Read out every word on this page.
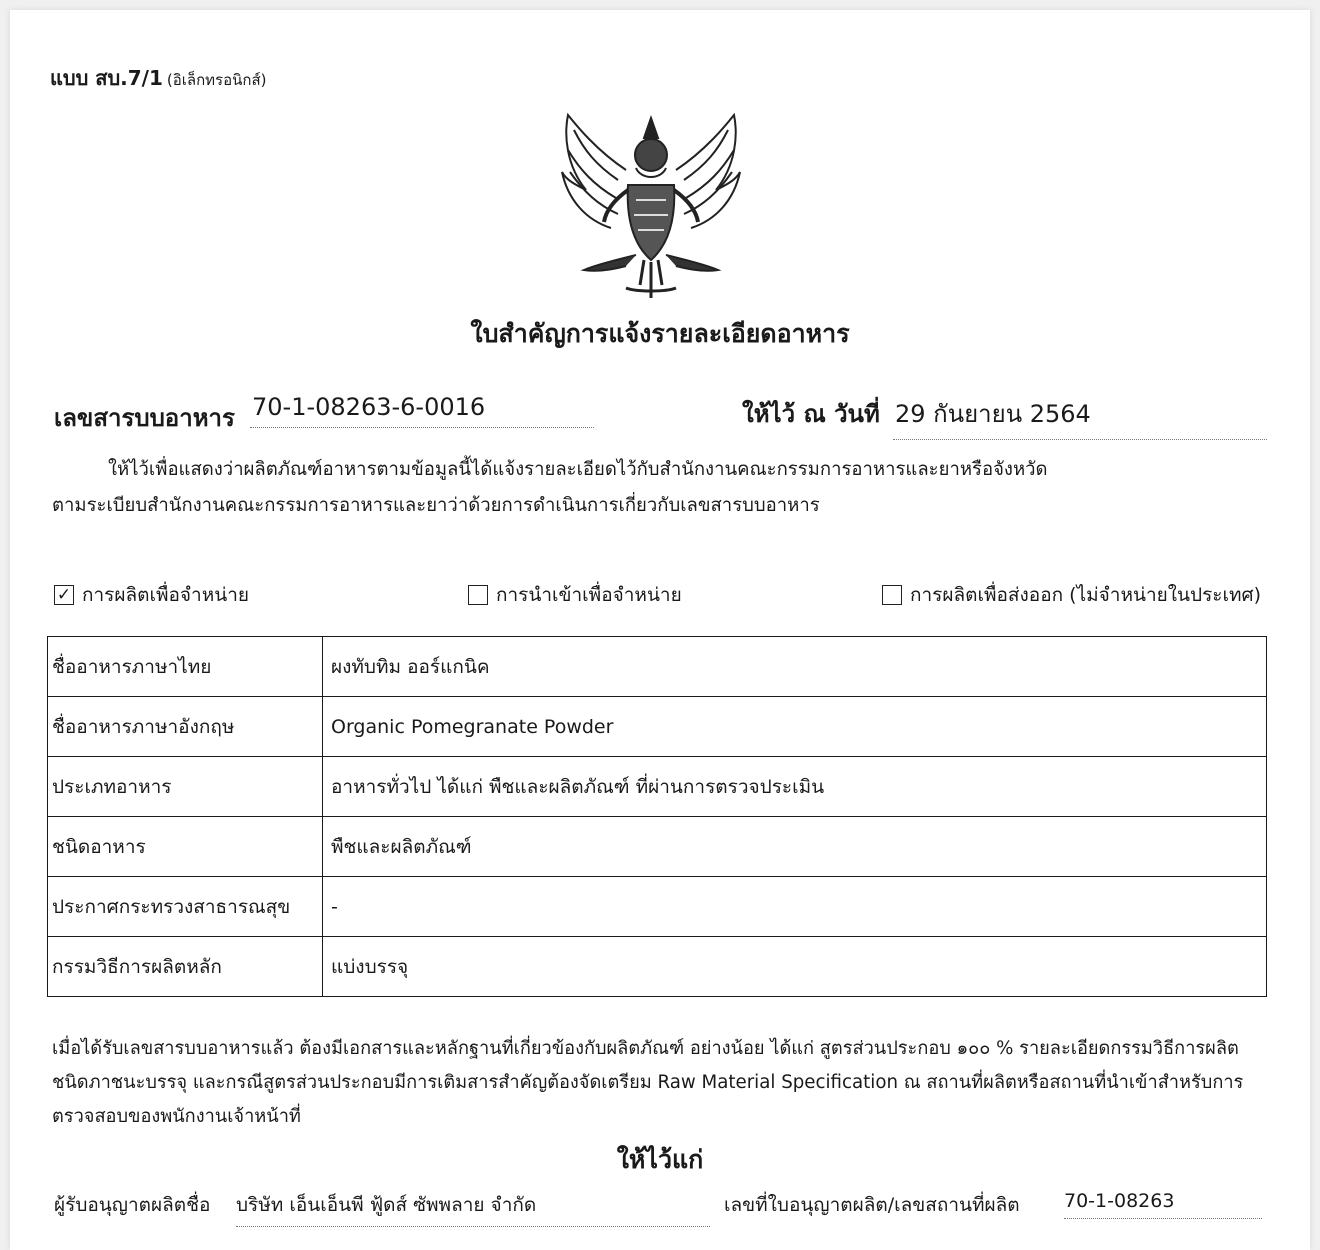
แบบ สบ.7/1 (อิเล็กทรอนิกส์)
ใบสำคัญการแจ้งรายละเอียดอาหาร
เลขสารบบอาหาร 70-1-08263-6-0016	ให้ไว้ ณ วันที่ 29 กันยายน 2564
ให้ไว้เพื่อแสดงว่าผลิตภัณฑ์อาหารตามข้อมูลนี้ได้แจ้งรายละเอียดไว้กับสำนักงานคณะกรรมการอาหารและยาหรือจังหวัด
ตามระเบียบสำนักงานคณะกรรมการอาหารและยาว่าด้วยการดำเนินการเกี่ยวกับเลขสารบบอาหาร
✓ การผลิตเพื่อจำหน่าย	การนำเข้าเพื่อจำหน่าย	การผลิตเพื่อส่งออก (ไม่จำหน่ายในประเทศ)
ชื่ออาหารภาษาไทย	ผงทับทิม ออร์แกนิค
ชื่ออาหารภาษาอังกฤษ	Organic Pomegranate Powder
ประเภทอาหาร	อาหารทั่วไป ได้แก่ พืชและผลิตภัณฑ์ ที่ผ่านการตรวจประเมิน
ชนิดอาหาร	พืชและผลิตภัณฑ์
ประกาศกระทรวงสาธารณสุข	-
กรรมวิธีการผลิตหลัก	แบ่งบรรจุ
เมื่อได้รับเลขสารบบอาหารแล้ว ต้องมีเอกสารและหลักฐานที่เกี่ยวข้องกับผลิตภัณฑ์ อย่างน้อย ได้แก่ สูตรส่วนประกอบ ๑๐๐ % รายละเอียดกรรมวิธีการผลิต ชนิดภาชนะบรรจุ และกรณีสูตรส่วนประกอบมีการเติมสารสำคัญต้องจัดเตรียม Raw Material Specification ณ สถานที่ผลิตหรือสถานที่นำเข้าสำหรับการตรวจสอบของพนักงานเจ้าหน้าที่
ให้ไว้แก่
ผู้รับอนุญาตผลิตชื่อ บริษัท เอ็นเอ็นพี ฟู้ดส์ ซัพพลาย จำกัด	เลขที่ใบอนุญาตผลิต/เลขสถานที่ผลิต 70-1-08263
